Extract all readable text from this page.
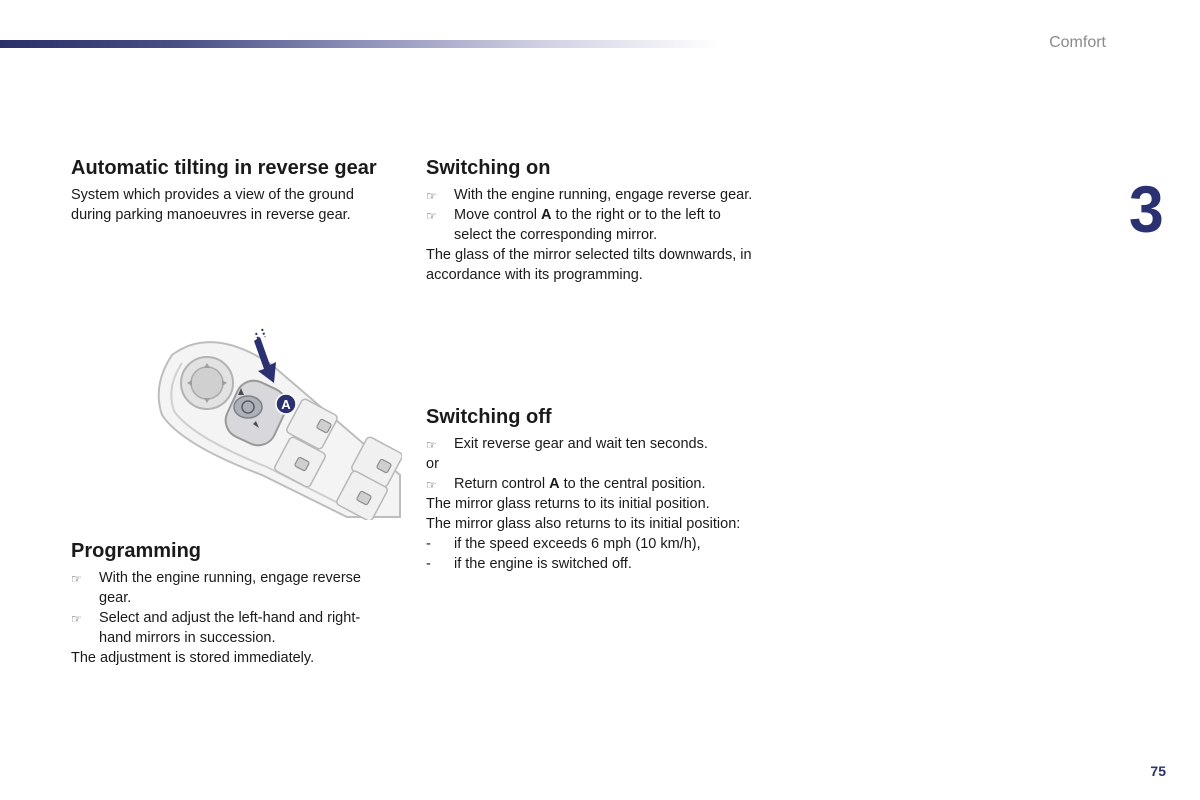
Comfort
3
75
Automatic tilting in reverse gear

System which provides a view of the ground during parking manoeuvres in reverse gear.

A
Programming
☞ With the engine running, engage reverse gear.
☞ Select and adjust the left-hand and right-hand mirrors in succession.

The adjustment is stored immediately.

Switching on
☞ With the engine running, engage reverse gear.
☞ Move control A to the right or to the left to select the corresponding mirror.

The glass of the mirror selected tilts downwards, in accordance with its programming.

Switching off
☞ Exit reverse gear and wait ten seconds.

or

☞ Return control A to the central position.

The mirror glass returns to its initial position.

The mirror glass also returns to its initial position:

- if the speed exceeds 6 mph (10 km/h),
- if the engine is switched off.
